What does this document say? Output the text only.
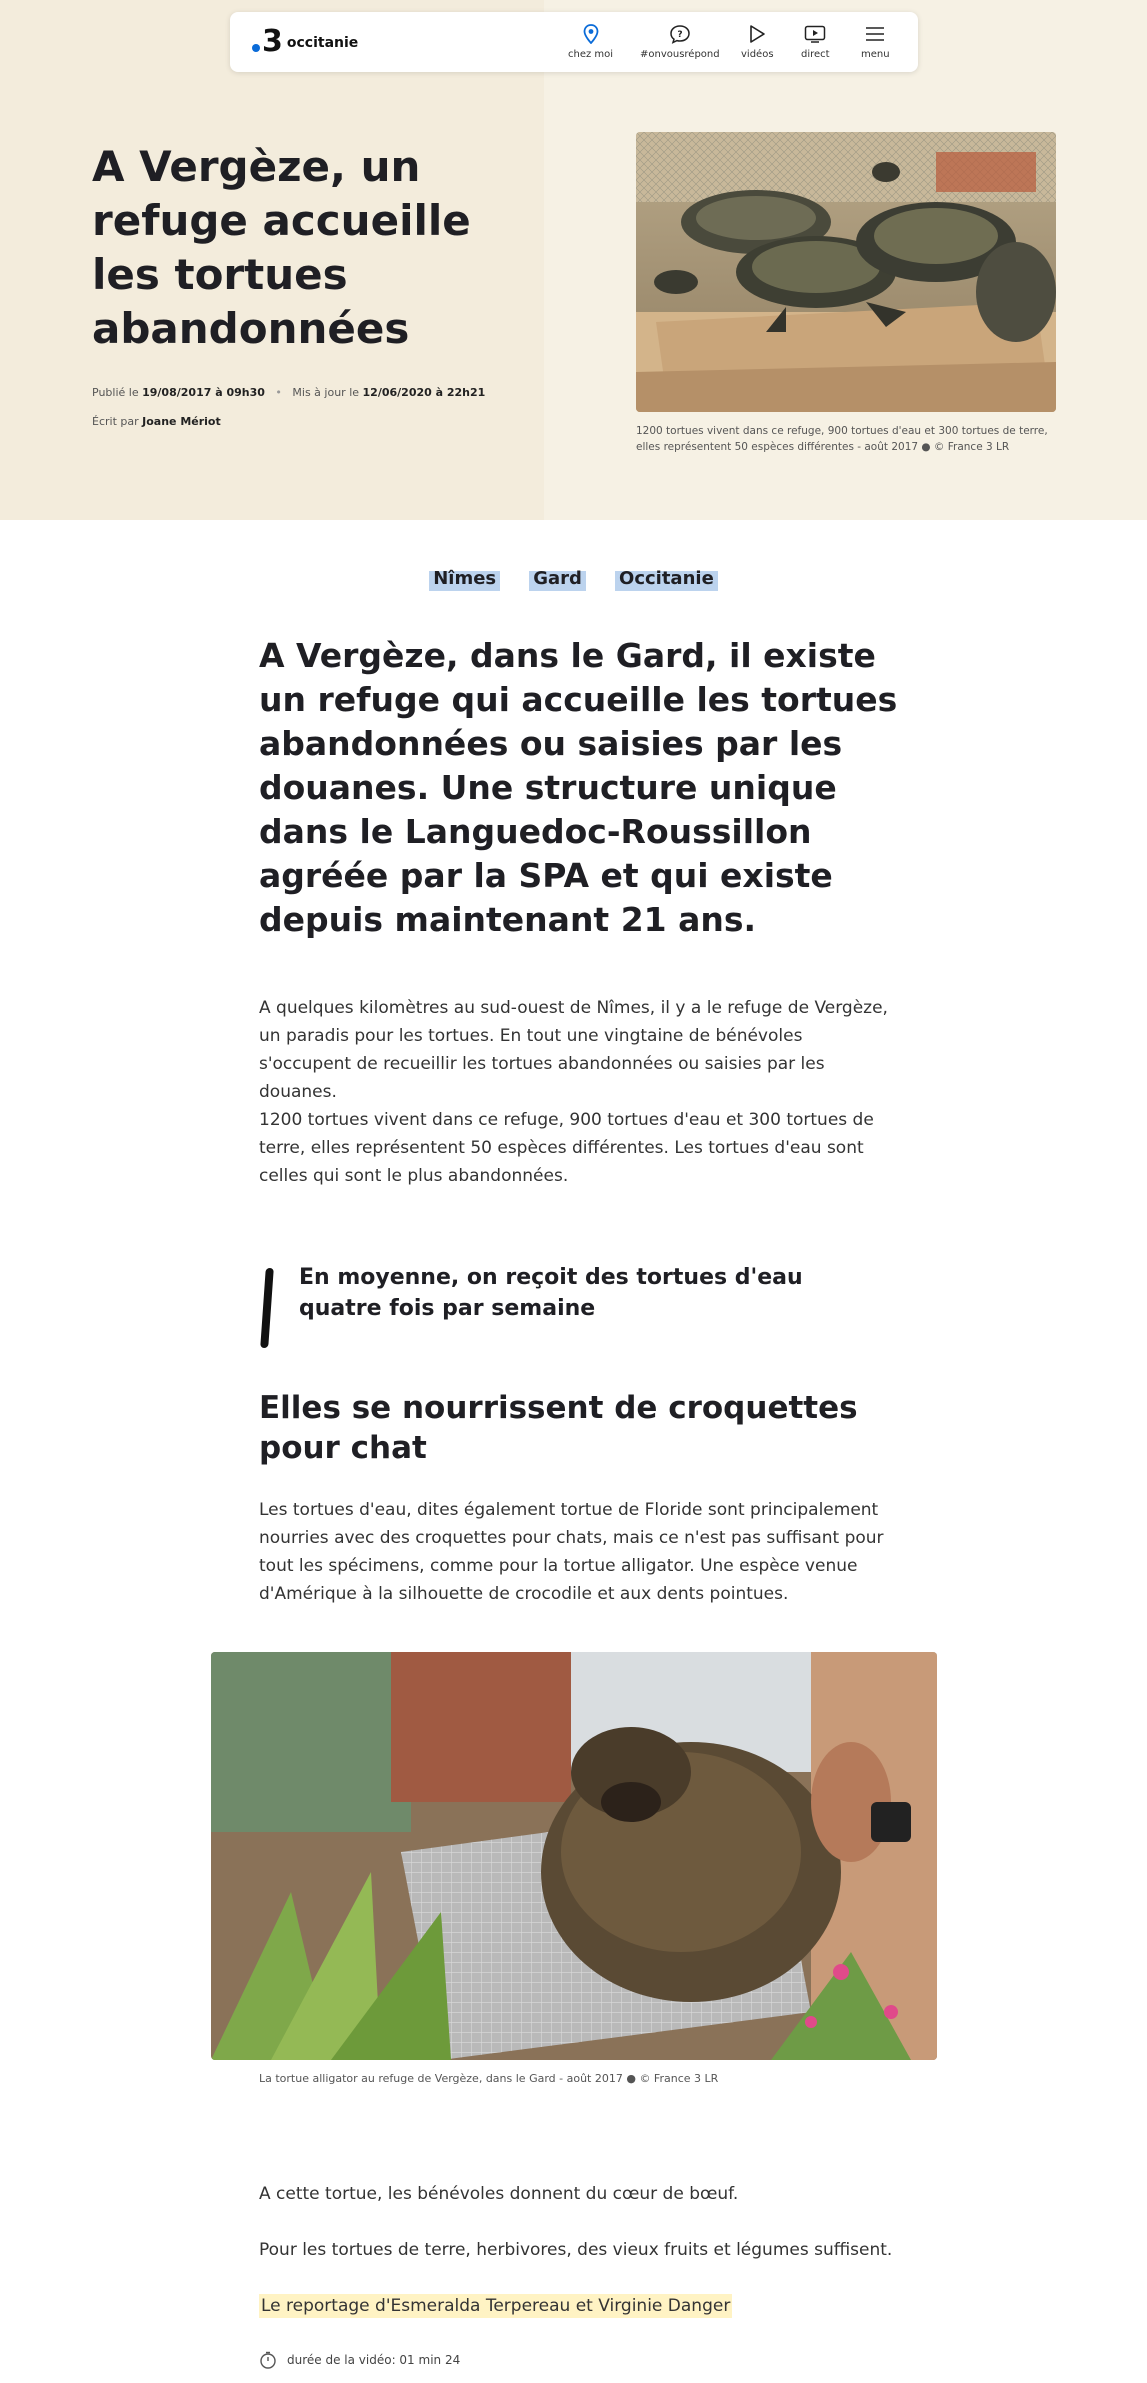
3 occitanie
chez moi
?
#onvousrépond vidéos	direct	menu
A Vergèze, un refuge accueille les tortues abandonnées
Publié le 19/08/2017 à 09h30 • Mis à jour le 12/06/2020 à 22h21
Écrit par Joane Mériot
1200 tortues vivent dans ce refuge, 900 tortues d'eau et 300 tortues de terre, elles représentent 50 espèces différentes - août 2017 ● © France 3 LR
Nîmes Gard Occitanie

A Vergèze, dans le Gard, il existe un refuge qui accueille les tortues abandonnées ou saisies par les douanes. Une structure unique dans le Languedoc-Roussillon agréée par la SPA et qui existe depuis maintenant 21 ans.

A quelques kilomètres au sud-ouest de Nîmes, il y a le refuge de Vergèze, un paradis pour les tortues. En tout une vingtaine de bénévoles s'occupent de recueillir les tortues abandonnées ou saisies par les douanes.

1200 tortues vivent dans ce refuge, 900 tortues d'eau et 300 tortues de terre, elles représentent 50 espèces différentes. Les tortues d'eau sont celles qui sont le plus abandonnées.

En moyenne, on reçoit des tortues d'eau quatre fois par semaine

Elles se nourrissent de croquettes pour chat

Les tortues d'eau, dites également tortue de Floride sont principalement nourries avec des croquettes pour chats, mais ce n'est pas suffisant pour tout les spécimens, comme pour la tortue alligator. Une espèce venue d'Amérique à la silhouette de crocodile et aux dents pointues.

La tortue alligator au refuge de Vergèze, dans le Gard - août 2017 ● © France 3 LR

A cette tortue, les bénévoles donnent du cœur de bœuf.

Pour les tortues de terre, herbivores, des vieux fruits et légumes suffisent.

Le reportage d'Esmeralda Terpereau et Virginie Danger

durée de la vidéo: 01 min 24
